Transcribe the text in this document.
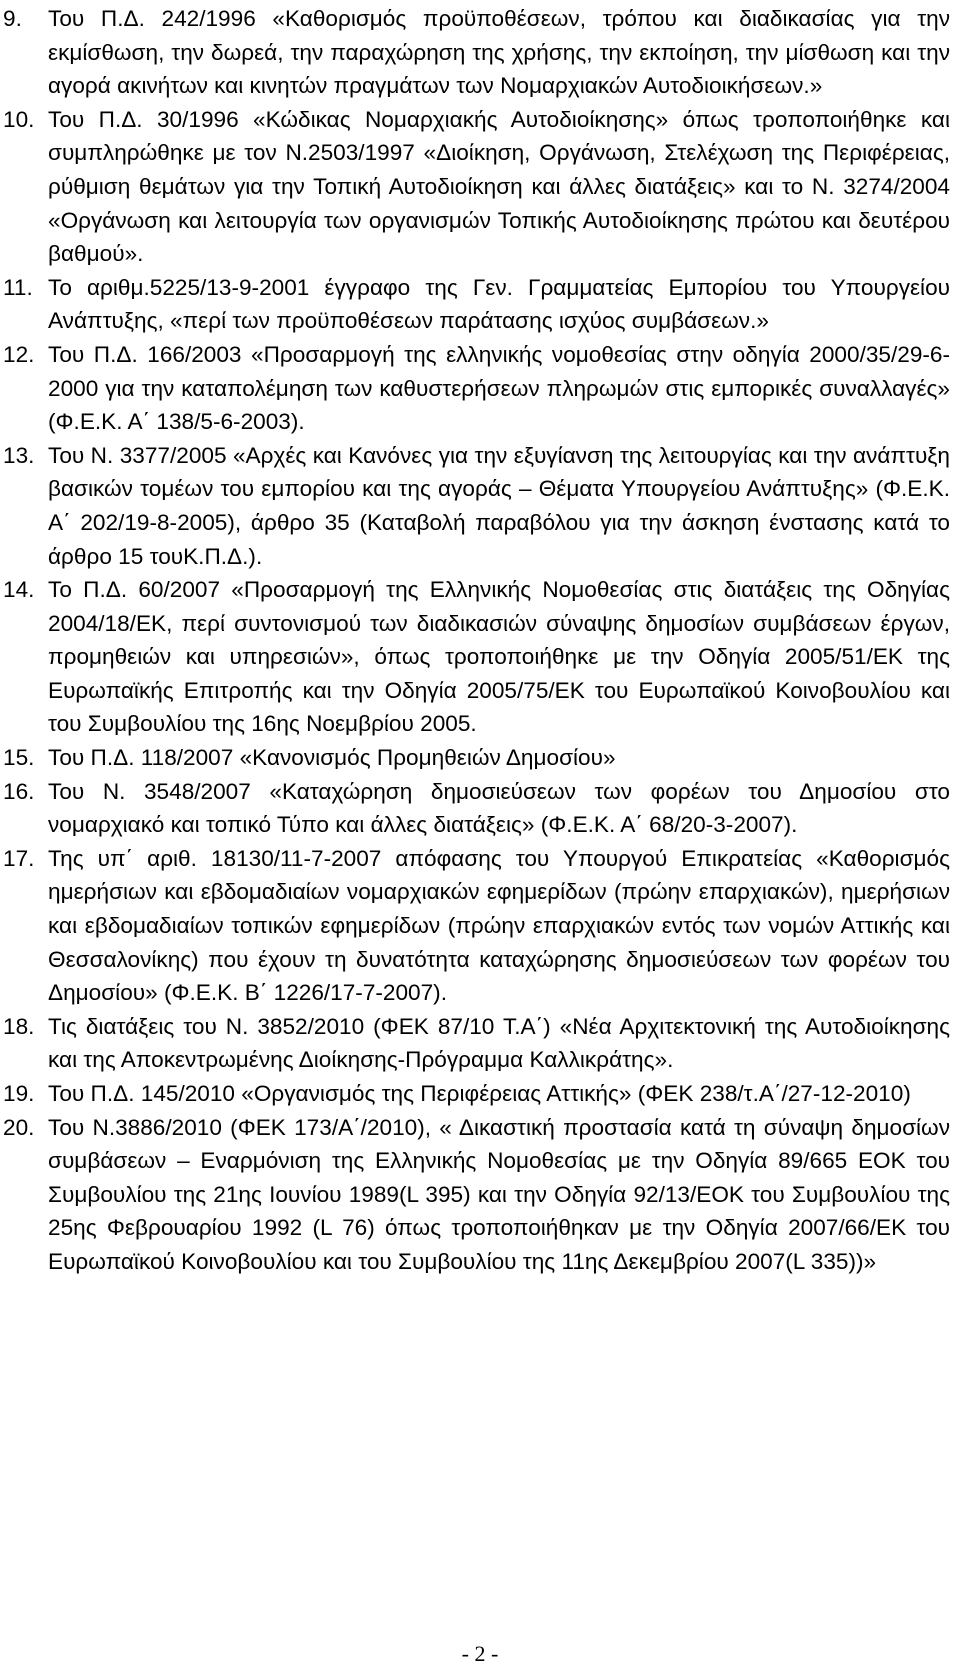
9. Του Π.Δ. 242/1996 «Καθορισμός προϋποθέσεων, τρόπου και διαδικασίας για την εκμίσθωση, την δωρεά, την παραχώρηση της χρήσης, την εκποίηση, την μίσθωση και την αγορά ακινήτων και κινητών πραγμάτων των Νομαρχιακών Αυτοδιοικήσεων.»
10. Του Π.Δ. 30/1996 «Κώδικας Νομαρχιακής Αυτοδιοίκησης» όπως τροποποιήθηκε και συμπληρώθηκε με τον Ν.2503/1997 «Διοίκηση, Οργάνωση, Στελέχωση της Περιφέρειας, ρύθμιση θεμάτων για την Τοπική Αυτοδιοίκηση και άλλες διατάξεις» και το Ν. 3274/2004 «Οργάνωση και λειτουργία των οργανισμών Τοπικής Αυτοδιοίκησης πρώτου και δευτέρου βαθμού».
11. Το αριθμ.5225/13-9-2001 έγγραφο της Γεν. Γραμματείας Εμπορίου του Υπουργείου Ανάπτυξης, «περί των προϋποθέσεων παράτασης ισχύος συμβάσεων.»
12. Του Π.Δ. 166/2003 «Προσαρμογή της ελληνικής νομοθεσίας στην οδηγία 2000/35/29-6-2000 για την καταπολέμηση των καθυστερήσεων πληρωμών στις εμπορικές συναλλαγές» (Φ.Ε.Κ. Α΄ 138/5-6-2003).
13. Του Ν. 3377/2005 «Αρχές και Κανόνες για την εξυγίανση της λειτουργίας και την ανάπτυξη βασικών τομέων του εμπορίου και της αγοράς – Θέματα Υπουργείου Ανάπτυξης» (Φ.Ε.Κ. Α΄ 202/19-8-2005), άρθρο 35 (Καταβολή παραβόλου για την άσκηση ένστασης κατά το άρθρο 15 τουΚ.Π.Δ.).
14. Το Π.Δ. 60/2007 «Προσαρμογή της Ελληνικής Νομοθεσίας στις διατάξεις της Οδηγίας 2004/18/ΕΚ, περί συντονισμού των διαδικασιών σύναψης δημοσίων συμβάσεων έργων, προμηθειών και υπηρεσιών», όπως τροποποιήθηκε με την Οδηγία 2005/51/ΕΚ της Ευρωπαϊκής Επιτροπής και την Οδηγία 2005/75/ΕΚ του Ευρωπαϊκού Κοινοβουλίου και του Συμβουλίου της 16ης Νοεμβρίου 2005.
15. Του Π.Δ. 118/2007 «Κανονισμός Προμηθειών Δημοσίου»
16. Του Ν. 3548/2007 «Καταχώρηση δημοσιεύσεων των φορέων του Δημοσίου στο νομαρχιακό και τοπικό Τύπο και άλλες διατάξεις» (Φ.Ε.Κ. Α΄ 68/20-3-2007).
17. Της υπ΄ αριθ. 18130/11-7-2007 απόφασης του Υπουργού Επικρατείας «Καθορισμός ημερήσιων και εβδομαδιαίων νομαρχιακών εφημερίδων (πρώην επαρχιακών), ημερήσιων και εβδομαδιαίων τοπικών εφημερίδων (πρώην επαρχιακών εντός των νομών Αττικής και Θεσσαλονίκης) που έχουν τη δυνατότητα καταχώρησης δημοσιεύσεων των φορέων του Δημοσίου» (Φ.Ε.Κ. Β΄ 1226/17-7-2007).
18. Τις διατάξεις του Ν. 3852/2010 (ΦΕΚ 87/10 Τ.Α΄) «Νέα Αρχιτεκτονική της Αυτοδιοίκησης και της Αποκεντρωμένης Διοίκησης-Πρόγραμμα Καλλικράτης».
19. Του Π.Δ. 145/2010 «Οργανισμός της Περιφέρειας Αττικής» (ΦΕΚ 238/τ.Α΄/27-12-2010)
20. Του Ν.3886/2010 (ΦΕΚ 173/Α΄/2010), « Δικαστική προστασία κατά τη σύναψη δημοσίων συμβάσεων – Εναρμόνιση της Ελληνικής Νομοθεσίας με την Οδηγία 89/665 ΕΟΚ του Συμβουλίου της 21ης Ιουνίου 1989(L 395) και την Οδηγία 92/13/ΕΟΚ του Συμβουλίου της 25ης Φεβρουαρίου 1992 (L 76) όπως τροποποιήθηκαν με την Οδηγία 2007/66/ΕΚ του Ευρωπαϊκού Κοινοβουλίου και του Συμβουλίου της 11ης Δεκεμβρίου 2007(L 335))»
- 2 -
